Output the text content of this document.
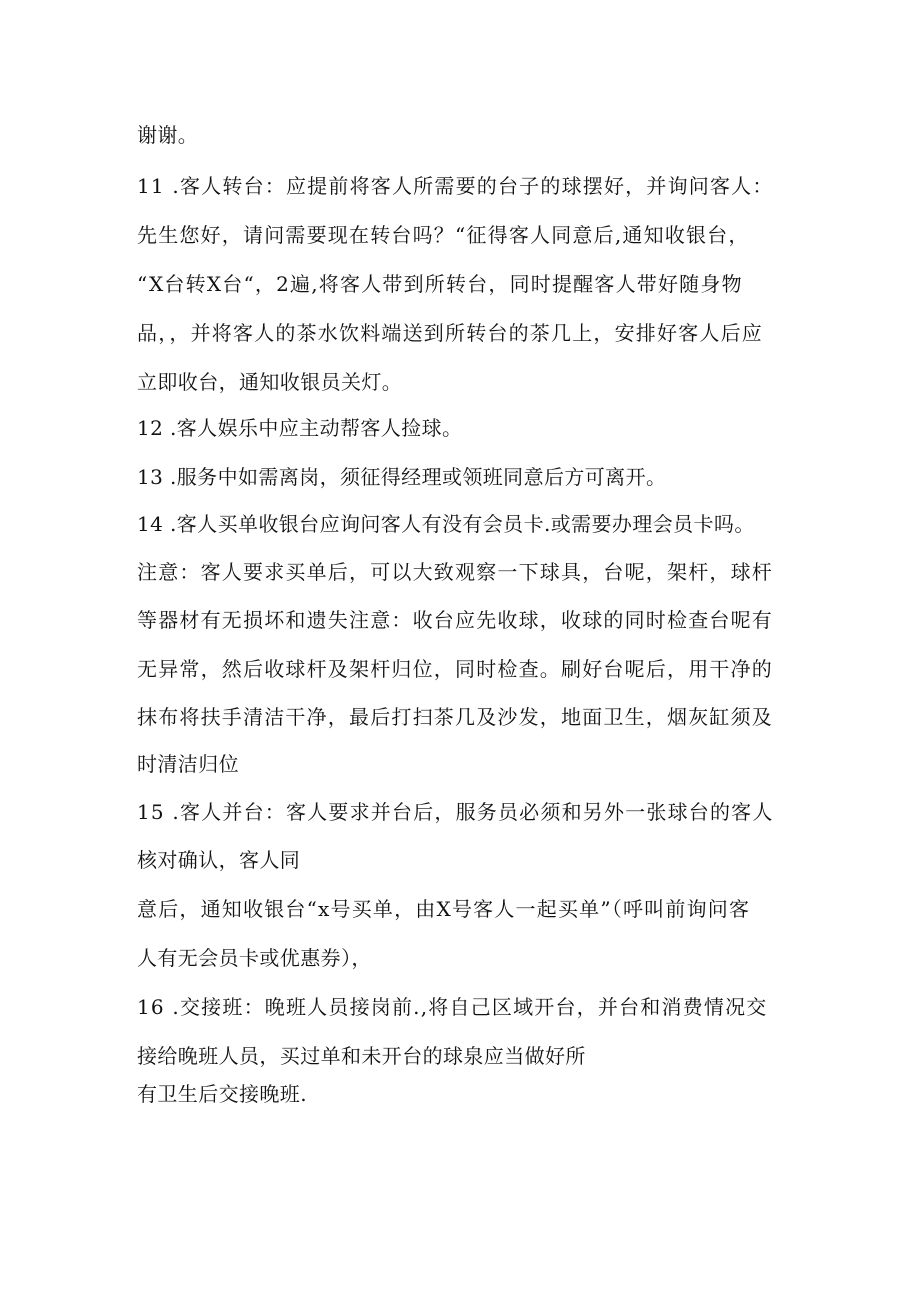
谢谢。
11 .客人转台：应提前将客人所需要的台子的球摆好，并询问客人：
先生您好，请问需要现在转台吗？“征得客人同意后,通知收银台，
“X台转X台“，2遍,将客人带到所转台，同时提醒客人带好随身物
品，，并将客人的茶水饮料端送到所转台的茶几上，安排好客人后应
立即收台，通知收银员关灯。
12 .客人娱乐中应主动帮客人捡球。
13 .服务中如需离岗，须征得经理或领班同意后方可离开。
14 .客人买单收银台应询问客人有没有会员卡.或需要办理会员卡吗。
注意：客人要求买单后，可以大致观察一下球具，台呢，架杆，球杆
等器材有无损坏和遗失注意：收台应先收球，收球的同时检查台呢有
无异常，然后收球杆及架杆归位，同时检查。刷好台呢后，用干净的
抹布将扶手清洁干净，最后打扫茶几及沙发，地面卫生，烟灰缸须及
时清洁归位
15 .客人并台：客人要求并台后，服务员必须和另外一张球台的客人
核对确认，客人同
意后，通知收银台“x号买单，由X号客人一起买单”（呼叫前询问客
人有无会员卡或优惠券），
16 .交接班：晚班人员接岗前.,将自己区域开台，并台和消费情况交
接给晚班人员，买过单和未开台的球泉应当做好所
有卫生后交接晚班.
